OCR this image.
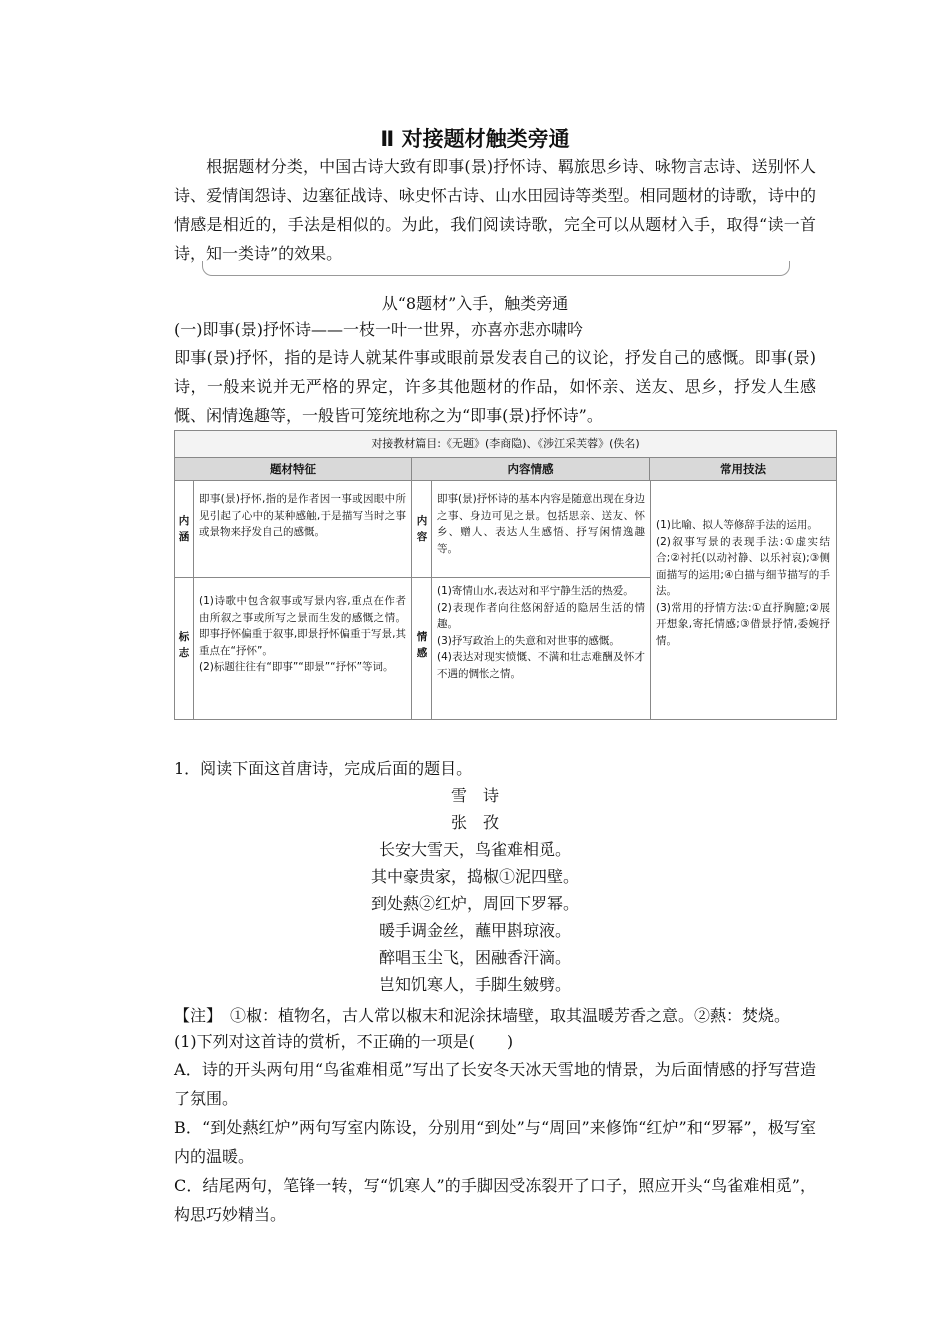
Ⅱ 对接题材触类旁通
根据题材分类，中国古诗大致有即事(景)抒怀诗、羁旅思乡诗、咏物言志诗、送别怀人诗、爱情闺怨诗、边塞征战诗、咏史怀古诗、山水田园诗等类型。相同题材的诗歌，诗中的情感是相近的，手法是相似的。为此，我们阅读诗歌，完全可以从题材入手，取得“读一首诗，知一类诗”的效果。
从“8题材”入手，触类旁通
(一)即事(景)抒怀诗——一枝一叶一世界，亦喜亦悲亦啸吟
即事(景)抒怀，指的是诗人就某件事或眼前景发表自己的议论，抒发自己的感慨。即事(景)诗，一般来说并无严格的界定，许多其他题材的作品，如怀亲、送友、思乡，抒发人生感慨、闲情逸趣等，一般皆可笼统地称之为“即事(景)抒怀诗”。
对接教材篇目:《无题》(李商隐)、《涉江采芙蓉》(佚名)
题材特征	内容情感	常用技法
内涵
即事(景)抒怀,指的是作者因一事或因眼中所见引起了心中的某种感触,于是描写当时之事或景物来抒发自己的感慨。
标志
(1)诗歌中包含叙事或写景内容,重点在作者由所叙之事或所写之景而生发的感慨之情。即事抒怀偏重于叙事,即景抒怀偏重于写景,其重点在“抒怀”。
(2)标题往往有“即事”“即景”“抒怀”等词。
内容
即事(景)抒怀诗的基本内容是随意出现在身边之事、身边可见之景。包括思亲、送友、怀乡、赠人、表达人生感悟、抒写闲情逸趣等。
情感
(1)寄情山水,表达对和平宁静生活的热爱。
(2)表现作者向往悠闲舒适的隐居生活的情趣。
(3)抒写政治上的失意和对世事的感慨。
(4)表达对现实愤慨、不满和壮志难酬及怀才不遇的惆怅之情。
(1)比喻、拟人等修辞手法的运用。
(2)叙事写景的表现手法:①虚实结合;②衬托(以动衬静、以乐衬哀);③侧面描写的运用;④白描与细节描写的手法。
(3)常用的抒情方法:①直抒胸臆;②展开想象,寄托情感;③借景抒情,委婉抒情。
1．阅读下面这首唐诗，完成后面的题目。
雪　诗
张　孜
长安大雪天，鸟雀难相觅。
其中豪贵家，捣椒①泥四壁。
到处爇②红炉，周回下罗幂。
暖手调金丝，蘸甲斟琼液。
醉唱玉尘飞，困融香汗滴。
岂知饥寒人，手脚生皴劈。
【注】　①椒：植物名，古人常以椒末和泥涂抹墙壁，取其温暖芳香之意。②爇：焚烧。
(1)下列对这首诗的赏析，不正确的一项是(　　)
A．诗的开头两句用“鸟雀难相觅”写出了长安冬天冰天雪地的情景，为后面情感的抒写营造了氛围。
B．“到处爇红炉”两句写室内陈设，分别用“到处”与“周回”来修饰“红炉”和“罗幂”，极写室内的温暖。
C．结尾两句，笔锋一转，写“饥寒人”的手脚因受冻裂开了口子，照应开头“鸟雀难相觅”，构思巧妙精当。
